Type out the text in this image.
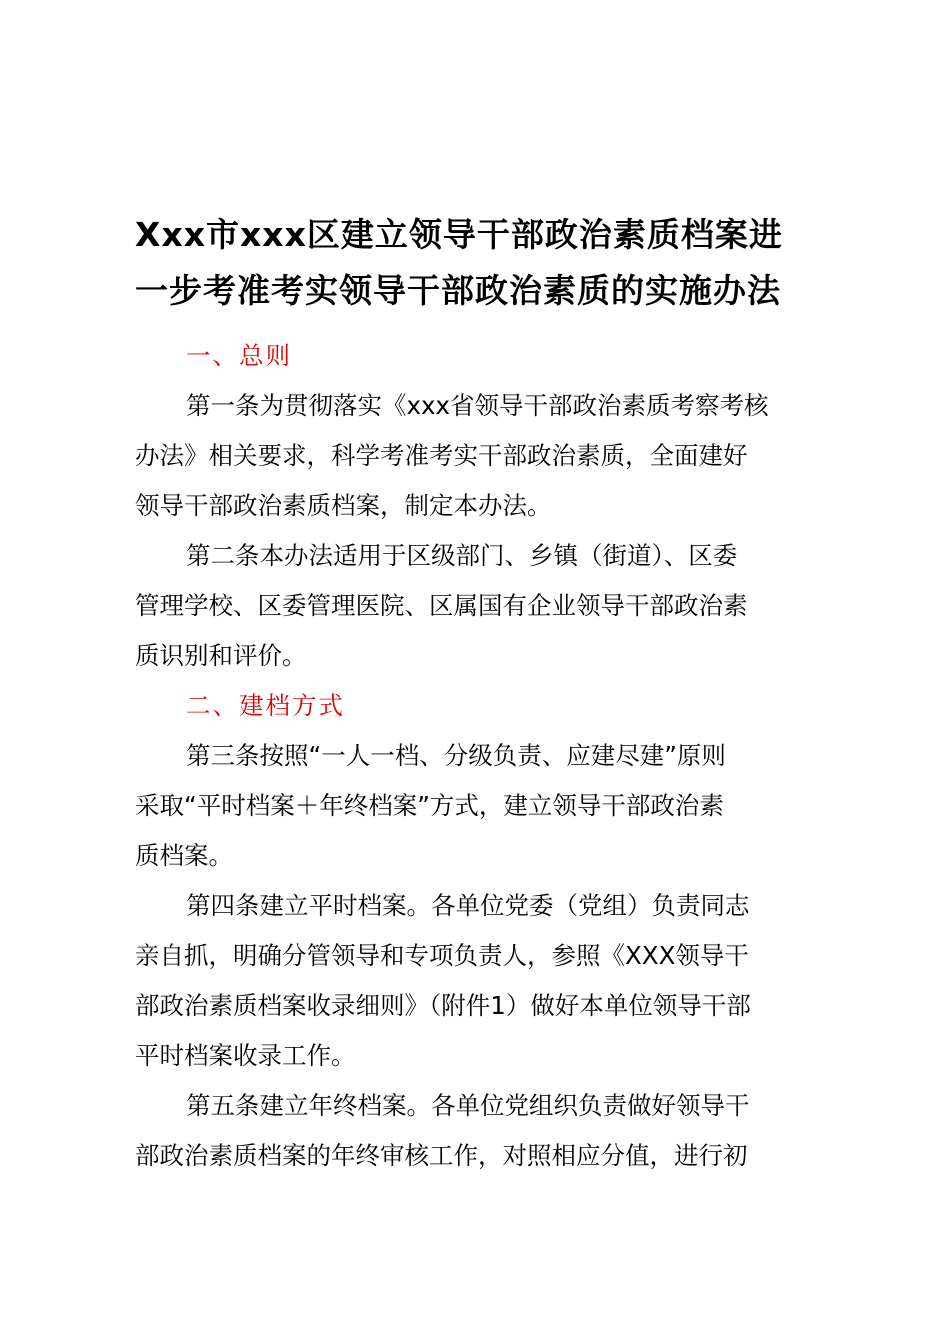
Xxx市xxx区建立领导干部政治素质档案进
一步考准考实领导干部政治素质的实施办法
一、总则
第一条为贯彻落实《xxx省领导干部政治素质考察考核
办法》相关要求，科学考准考实干部政治素质，全面建好
领导干部政治素质档案，制定本办法。
第二条本办法适用于区级部门、乡镇（街道）、区委
管理学校、区委管理医院、区属国有企业领导干部政治素
质识别和评价。
二、建档方式
第三条按照“一人一档、分级负责、应建尽建”原则
采取“平时档案＋年终档案”方式，建立领导干部政治素
质档案。
第四条建立平时档案。各单位党委（党组）负责同志
亲自抓，明确分管领导和专项负责人，参照《XXX领导干
部政治素质档案收录细则》（附件1）做好本单位领导干部
平时档案收录工作。
第五条建立年终档案。各单位党组织负责做好领导干
部政治素质档案的年终审核工作，对照相应分值，进行初
